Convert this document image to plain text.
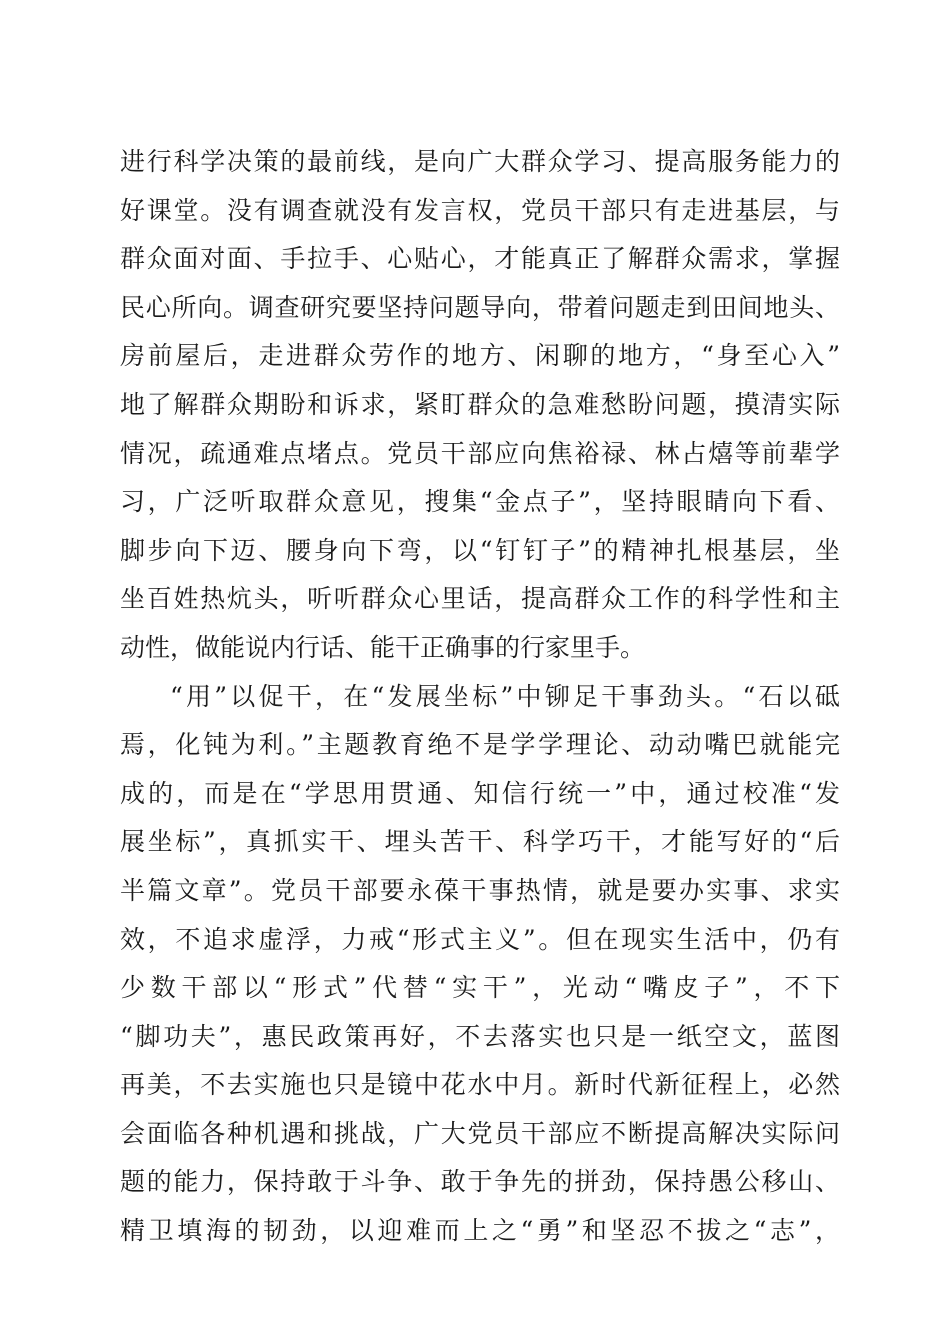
进行科学决策的最前线，是向广大群众学习、提高服务能力的
好课堂。没有调查就没有发言权，党员干部只有走进基层，与
群众面对面、手拉手、心贴心，才能真正了解群众需求，掌握
民心所向。调查研究要坚持问题导向，带着问题走到田间地头、
房前屋后，走进群众劳作的地方、闲聊的地方，“身至心入”
地了解群众期盼和诉求，紧盯群众的急难愁盼问题，摸清实际
情况，疏通难点堵点。党员干部应向焦裕禄、林占熺等前辈学
习，广泛听取群众意见，搜集“金点子”，坚持眼睛向下看、
脚步向下迈、腰身向下弯，以“钉钉子”的精神扎根基层，坐
坐百姓热炕头，听听群众心里话，提高群众工作的科学性和主
动性，做能说内行话、能干正确事的行家里手。
“用”以促干，在“发展坐标”中铆足干事劲头。“石以砥
焉，化钝为利。”主题教育绝不是学学理论、动动嘴巴就能完
成的，而是在“学思用贯通、知信行统一”中，通过校准“发
展坐标”，真抓实干、埋头苦干、科学巧干，才能写好的“后
半篇文章”。党员干部要永葆干事热情，就是要办实事、求实
效，不追求虚浮，力戒“形式主义”。但在现实生活中，仍有
少数干部以“形式”代替“实干”，光动“嘴皮子”，不下
“脚功夫”，惠民政策再好，不去落实也只是一纸空文，蓝图
再美，不去实施也只是镜中花水中月。新时代新征程上，必然
会面临各种机遇和挑战，广大党员干部应不断提高解决实际问
题的能力，保持敢于斗争、敢于争先的拼劲，保持愚公移山、
精卫填海的韧劲，以迎难而上之“勇”和坚忍不拔之“志”，
